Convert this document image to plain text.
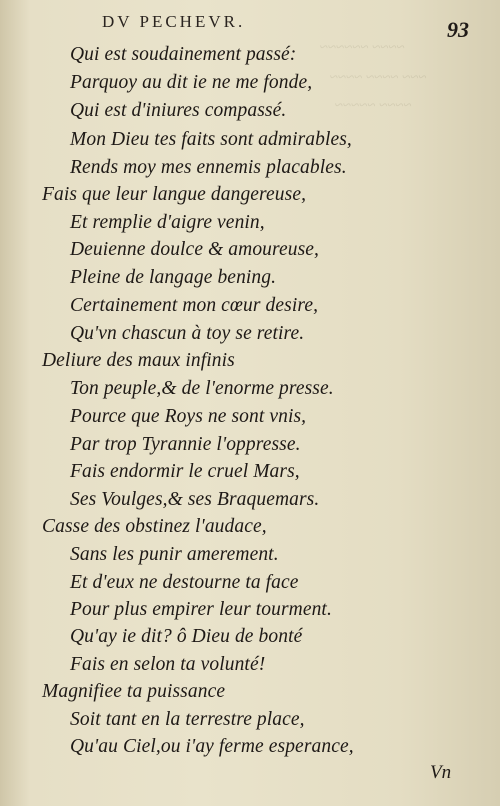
~~~~ ~~~~~~
~~~ ~~~~ ~~~~
~~~~ ~~~~~
DV PECHEVR.	93
Qui est soudainement passé:
Parquoy au dit ie ne me fonde,
Qui est d'iniures compassé.
Mon Dieu tes faits sont admirables,
Rends moy mes ennemis placables.
Fais que leur langue dangereuse,
Et remplie d'aigre venin,
Deuienne doulce & amoureuse,
Pleine de langage bening.
Certainement mon cœur desire,
Qu'vn chascun à toy se retire.
Deliure des maux infinis
Ton peuple,& de l'enorme presse.
Pource que Roys ne sont vnis,
Par trop Tyrannie l'oppresse.
Fais endormir le cruel Mars,
Ses Voulges,& ses Braquemars.
Casse des obstinez l'audace,
Sans les punir amerement.
Et d'eux ne destourne ta face
Pour plus empirer leur tourment.
Qu'ay ie dit? ô Dieu de bonté
Fais en selon ta volunté!
Magnifiee ta puissance
Soit tant en la terrestre place,
Qu'au Ciel,ou i'ay ferme esperance,
Vn
